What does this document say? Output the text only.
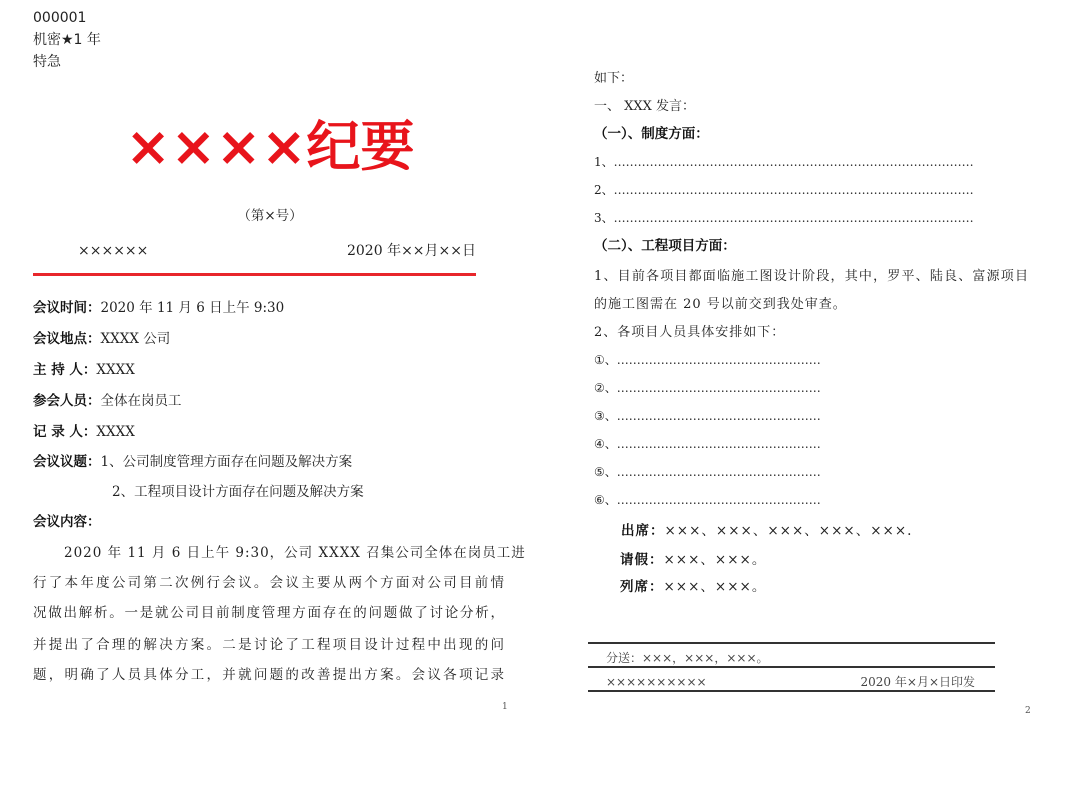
000001
机密★1 年
特急
××××纪要
（第×号）
××××××	2020 年××月××日
会议时间：2020 年 11 月 6 日上午 9:30
会议地点：XXXX 公司
主 持 人：XXXX
参会人员：全体在岗员工
记 录 人：XXXX
会议议题：1、公司制度管理方面存在问题及解决方案
2、工程项目设计方面存在问题及解决方案
会议内容：
2020 年 11 月 6 日上午 9:30，公司 XXXX 召集公司全体在岗员工进
行了本年度公司第二次例行会议。会议主要从两个方面对公司目前情
况做出解析。一是就公司目前制度管理方面存在的问题做了讨论分析，
并提出了合理的解决方案。二是讨论了工程项目设计过程中出现的问
题，明确了人员具体分工，并就问题的改善提出方案。会议各项记录
1
如下：
一、 XXX 发言：
（一）、制度方面：
1、………………………………………………………………………………
2、………………………………………………………………………………
3、………………………………………………………………………………
（二）、工程项目方面：
1、目前各项目都面临施工图设计阶段，其中，罗平、陆良、富源项目
的施工图需在 20 号以前交到我处审查。
2、各项目人员具体安排如下：
①、……………………………………………
②、……………………………………………
③、……………………………………………
④、……………………………………………
⑤、……………………………………………
⑥、……………………………………………
出席：×××、×××、×××、×××、×××.
请假：×××、×××。
列席：×××、×××。
分送：×××，×××，×××。
××××××××××	2020 年×月×日印发
2
